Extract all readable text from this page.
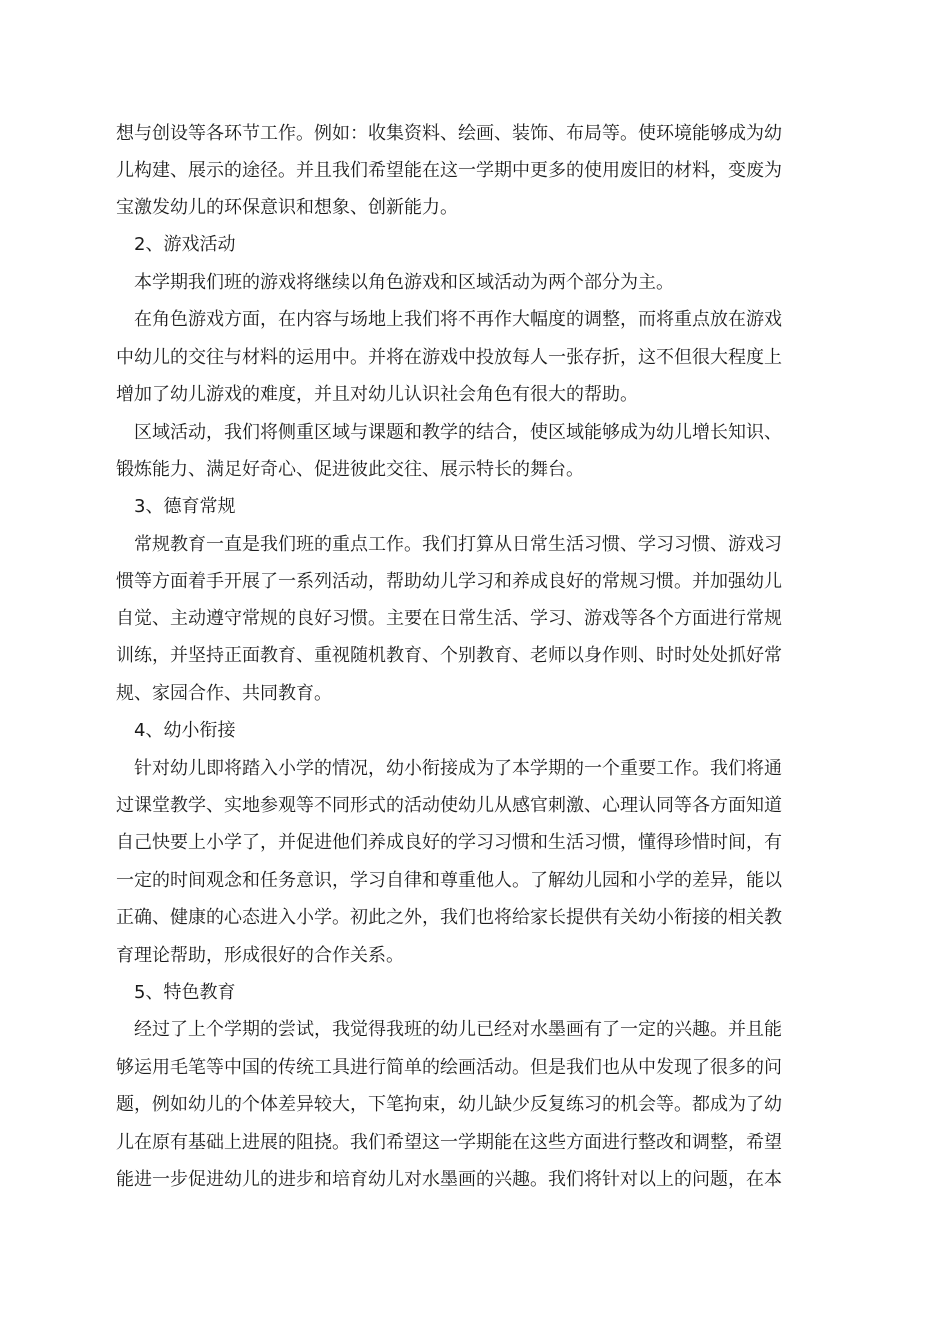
想与创设等各环节工作。例如：收集资料、绘画、装饰、布局等。使环境能够成为幼
儿构建、展示的途径。并且我们希望能在这一学期中更多的使用废旧的材料，变废为
宝激发幼儿的环保意识和想象、创新能力。
2、游戏活动
本学期我们班的游戏将继续以角色游戏和区域活动为两个部分为主。
在角色游戏方面，在内容与场地上我们将不再作大幅度的调整，而将重点放在游戏
中幼儿的交往与材料的运用中。并将在游戏中投放每人一张存折，这不但很大程度上
增加了幼儿游戏的难度，并且对幼儿认识社会角色有很大的帮助。
区域活动，我们将侧重区域与课题和教学的结合，使区域能够成为幼儿增长知识、
锻炼能力、满足好奇心、促进彼此交往、展示特长的舞台。
3、德育常规
常规教育一直是我们班的重点工作。我们打算从日常生活习惯、学习习惯、游戏习
惯等方面着手开展了一系列活动，帮助幼儿学习和养成良好的常规习惯。并加强幼儿
自觉、主动遵守常规的良好习惯。主要在日常生活、学习、游戏等各个方面进行常规
训练，并坚持正面教育、重视随机教育、个别教育、老师以身作则、时时处处抓好常
规、家园合作、共同教育。
4、幼小衔接
针对幼儿即将踏入小学的情况，幼小衔接成为了本学期的一个重要工作。我们将通
过课堂教学、实地参观等不同形式的活动使幼儿从感官刺激、心理认同等各方面知道
自己快要上小学了，并促进他们养成良好的学习习惯和生活习惯，懂得珍惜时间，有
一定的时间观念和任务意识，学习自律和尊重他人。了解幼儿园和小学的差异，能以
正确、健康的心态进入小学。初此之外，我们也将给家长提供有关幼小衔接的相关教
育理论帮助，形成很好的合作关系。
5、特色教育
经过了上个学期的尝试，我觉得我班的幼儿已经对水墨画有了一定的兴趣。并且能
够运用毛笔等中国的传统工具进行简单的绘画活动。但是我们也从中发现了很多的问
题，例如幼儿的个体差异较大，下笔拘束，幼儿缺少反复练习的机会等。都成为了幼
儿在原有基础上进展的阻挠。我们希望这一学期能在这些方面进行整改和调整，希望
能进一步促进幼儿的进步和培育幼儿对水墨画的兴趣。我们将针对以上的问题，在本
